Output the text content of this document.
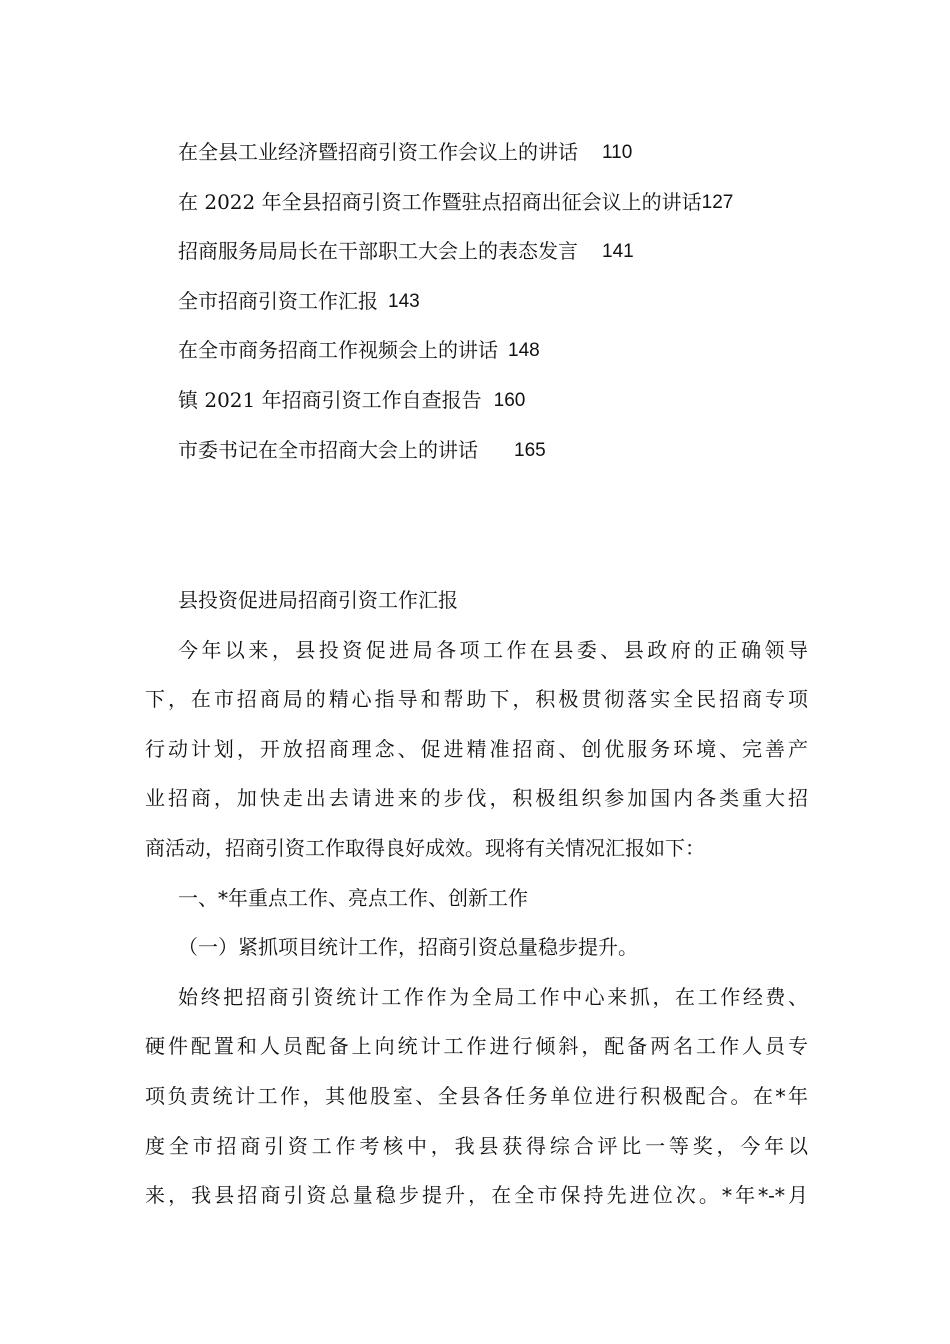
在全县工业经济暨招商引资工作会议上的讲话 110
在 2022 年全县招商引资工作暨驻点招商出征会议上的讲话 127
招商服务局局长在干部职工大会上的表态发言 141
全市招商引资工作汇报 143
在全市商务招商工作视频会上的讲话 148
镇 2021 年招商引资工作自查报告 160
市委书记在全市招商大会上的讲话 165
县投资促进局招商引资工作汇报
今年以来，县投资促进局各项工作在县委、县政府的正确领导
下，在市招商局的精心指导和帮助下，积极贯彻落实全民招商专项
行动计划，开放招商理念、促进精准招商、创优服务环境、完善产
业招商，加快走出去请进来的步伐，积极组织参加国内各类重大招
商活动，招商引资工作取得良好成效。现将有关情况汇报如下：
一、*年重点工作、亮点工作、创新工作
（一）紧抓项目统计工作，招商引资总量稳步提升。
始终把招商引资统计工作作为全局工作中心来抓，在工作经费、
硬件配置和人员配备上向统计工作进行倾斜，配备两名工作人员专
项负责统计工作，其他股室、全县各任务单位进行积极配合。在*年
度全市招商引资工作考核中，我县获得综合评比一等奖，今年以
来，我县招商引资总量稳步提升，在全市保持先进位次。*年*-*月
